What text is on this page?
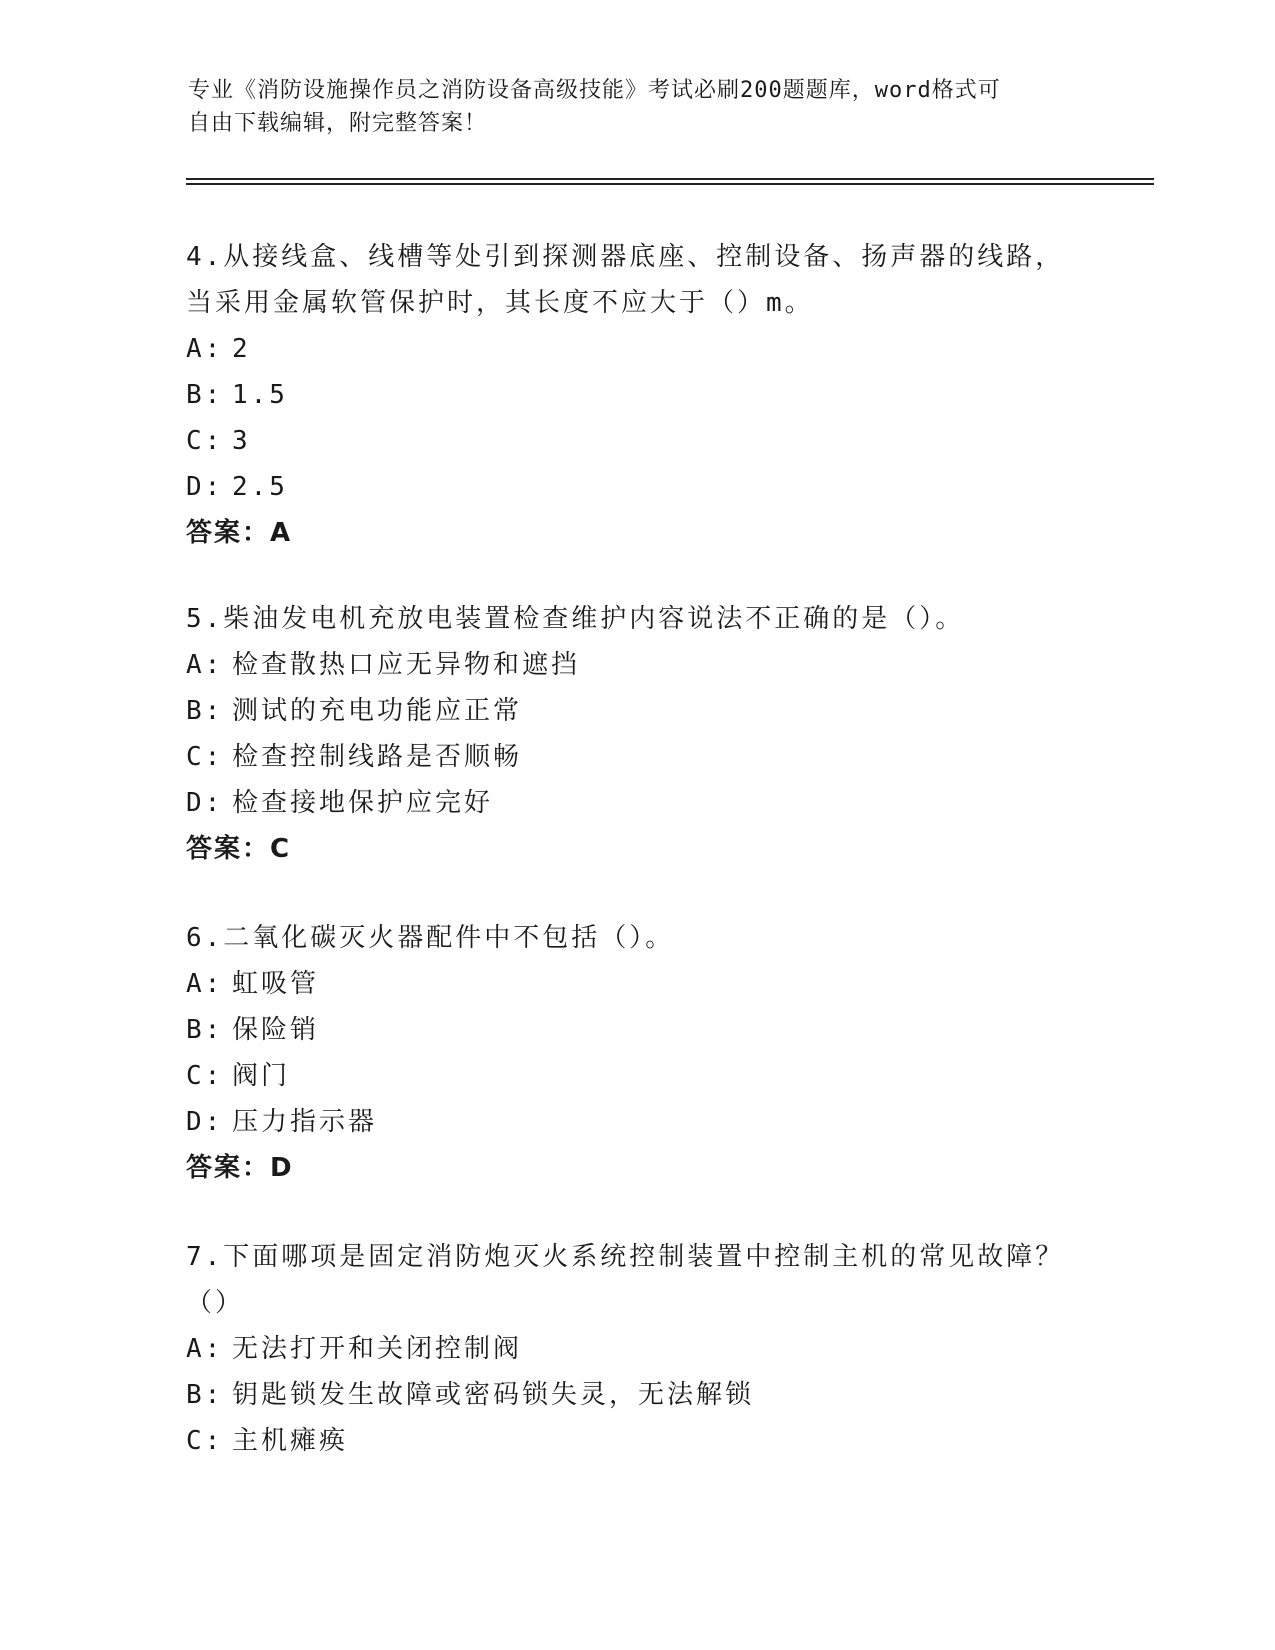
专业《消防设施操作员之消防设备高级技能》考试必刷200题题库，word格式可
自由下载编辑，附完整答案！

4.从接线盒、线槽等处引到探测器底座、控制设备、扬声器的线路，当采用金属软管保护时，其长度不应大于（）m。

A: 2

B: 1.5

C: 3

D: 2.5

答案：A

5.柴油发电机充放电装置检查维护内容说法不正确的是（）。

A: 检查散热口应无异物和遮挡

B: 测试的充电功能应正常

C: 检查控制线路是否顺畅

D: 检查接地保护应完好

答案：C

6.二氧化碳灭火器配件中不包括（）。

A: 虹吸管

B: 保险销

C: 阀门

D: 压力指示器

答案：D

7.下面哪项是固定消防炮灭火系统控制装置中控制主机的常见故障？（）

A: 无法打开和关闭控制阀

B: 钥匙锁发生故障或密码锁失灵，无法解锁

C: 主机瘫痪
